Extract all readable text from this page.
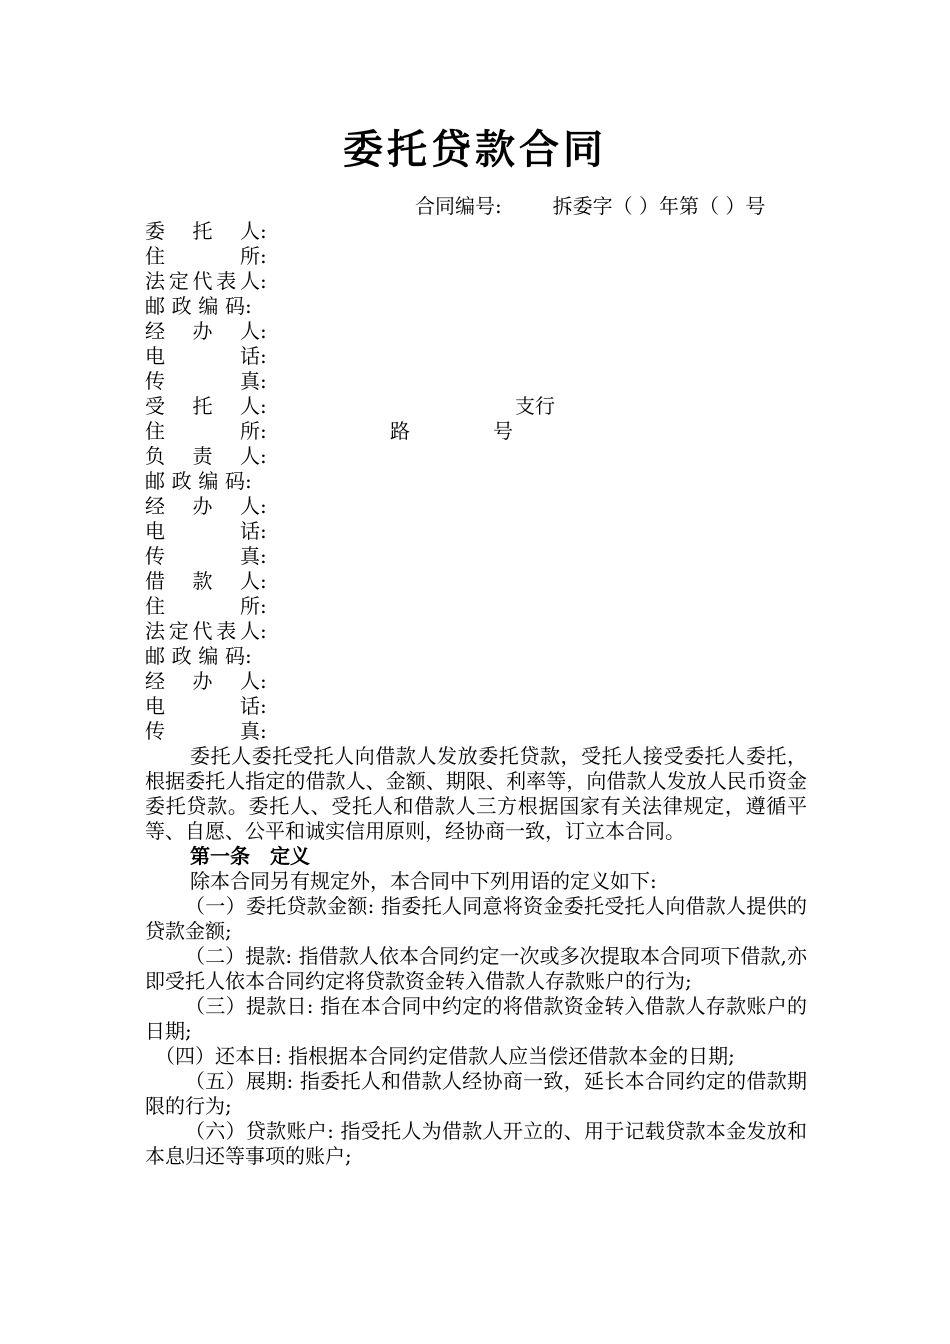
委托贷款合同
合同编号:	拆委字（ ）年第（ ）号
委托人:
住所:
法定代表人:
邮政编码:
经办人:
电话:
传真:
受托人:	支行
住所:	路	号
负责人:
邮政编码:
经办人:
电话:
传真:
借款人:
住所:
法定代表人:
邮政编码:
经办人:
电话:
传真:

委托人委托受托人向借款人发放委托贷款，受托人接受委托人委托，根据委托人指定的借款人、金额、期限、利率等，向借款人发放人民币资金委托贷款。委托人、受托人和借款人三方根据国家有关法律规定，遵循平等、自愿、公平和诚实信用原则，经协商一致，订立本合同。

第一条　定义

除本合同另有规定外，本合同中下列用语的定义如下:

（一）委托贷款金额: 指委托人同意将资金委托受托人向借款人提供的贷款金额;

（二）提款: 指借款人依本合同约定一次或多次提取本合同项下借款,亦即受托人依本合同约定将贷款资金转入借款人存款账户的行为;

（三）提款日: 指在本合同中约定的将借款资金转入借款人存款账户的日期;

（四）还本日: 指根据本合同约定借款人应当偿还借款本金的日期;

（五）展期: 指委托人和借款人经协商一致，延长本合同约定的借款期限的行为;

（六）贷款账户: 指受托人为借款人开立的、用于记载贷款本金发放和本息归还等事项的账户;
